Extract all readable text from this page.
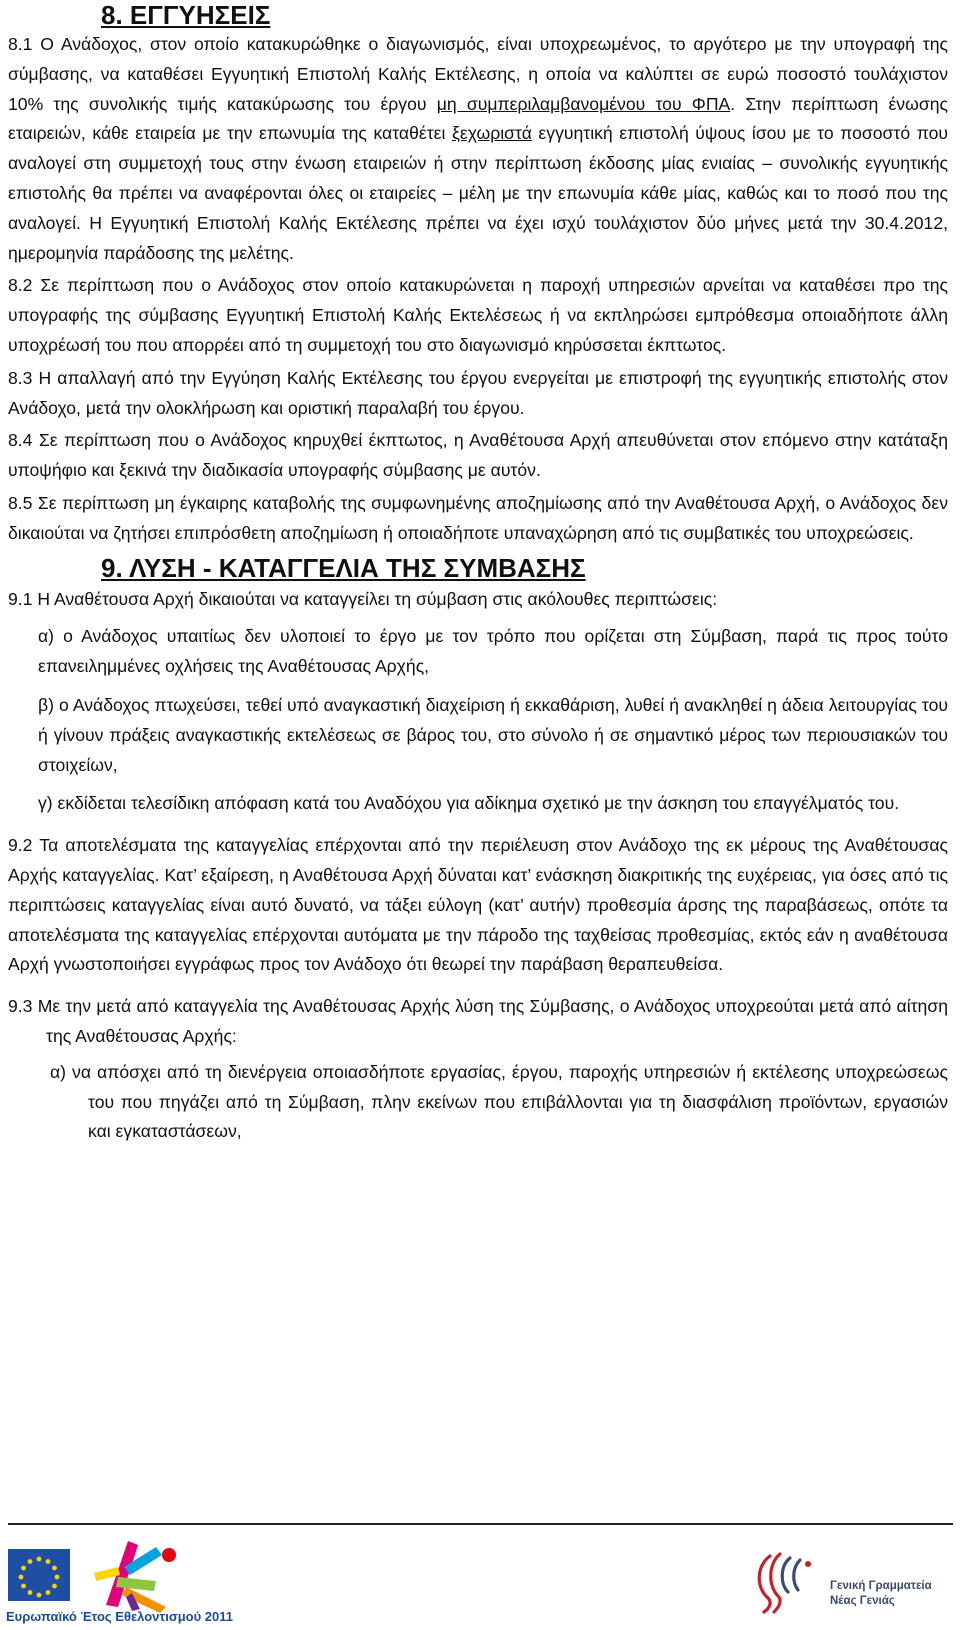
8. ΕΓΓΥΗΣΕΙΣ

8.1 Ο Ανάδοχος, στον οποίο κατακυρώθηκε ο διαγωνισμός, είναι υποχρεωμένος, το αργότερο με την υπογραφή της σύμβασης, να καταθέσει Εγγυητική Επιστολή Καλής Εκτέλεσης, η οποία να καλύπτει σε ευρώ ποσοστό τουλάχιστον 10% της συνολικής τιμής κατακύρωσης του έργου μη συμπεριλαμβανομένου του ΦΠΑ. Στην περίπτωση ένωσης εταιρειών, κάθε εταιρεία με την επωνυμία της καταθέτει ξεχωριστά εγγυητική επιστολή ύψους ίσου με το ποσοστό που αναλογεί στη συμμετοχή τους στην ένωση εταιρειών ή στην περίπτωση έκδοσης μίας ενιαίας – συνολικής εγγυητικής επιστολής θα πρέπει να αναφέρονται όλες οι εταιρείες – μέλη με την επωνυμία κάθε μίας, καθώς και το ποσό που της αναλογεί. Η Εγγυητική Επιστολή Καλής Εκτέλεσης πρέπει να έχει ισχύ τουλάχιστον δύο μήνες μετά την 30.4.2012, ημερομηνία παράδοσης της μελέτης.

8.2 Σε περίπτωση που ο Ανάδοχος στον οποίο κατακυρώνεται η παροχή υπηρεσιών αρνείται να καταθέσει προ της υπογραφής της σύμβασης Εγγυητική Επιστολή Καλής Εκτελέσεως ή να εκπληρώσει εμπρόθεσμα οποιαδήποτε άλλη υποχρέωσή του που απορρέει από τη συμμετοχή του στο διαγωνισμό κηρύσσεται έκπτωτος.

8.3 Η απαλλαγή από την Εγγύηση Καλής Εκτέλεσης του έργου ενεργείται με επιστροφή της εγγυητικής επιστολής στον Ανάδοχο, μετά την ολοκλήρωση και οριστική παραλαβή του έργου.

8.4 Σε περίπτωση που ο Ανάδοχος κηρυχθεί έκπτωτος, η Αναθέτουσα Αρχή απευθύνεται στον επόμενο στην κατάταξη υποψήφιο και ξεκινά την διαδικασία υπογραφής σύμβασης με αυτόν.

8.5 Σε περίπτωση μη έγκαιρης καταβολής της συμφωνημένης αποζημίωσης από την Αναθέτουσα Αρχή, ο Ανάδοχος δεν δικαιούται να ζητήσει επιπρόσθετη αποζημίωση ή οποιαδήποτε υπαναχώρηση από τις συμβατικές του υποχρεώσεις.

9. ΛΥΣΗ - ΚΑΤΑΓΓΕΛΙΑ ΤΗΣ ΣΥΜΒΑΣΗΣ

9.1 Η Αναθέτουσα Αρχή δικαιούται να καταγγείλει τη σύμβαση στις ακόλουθες περιπτώσεις:

α) ο Ανάδοχος υπαιτίως δεν υλοποιεί το έργο με τον τρόπο που ορίζεται στη Σύμβαση, παρά τις προς τούτο επανειλημμένες οχλήσεις της Αναθέτουσας Αρχής,

β) ο Ανάδοχος πτωχεύσει, τεθεί υπό αναγκαστική διαχείριση ή εκκαθάριση, λυθεί ή ανακληθεί η άδεια λειτουργίας του ή γίνουν πράξεις αναγκαστικής εκτελέσεως σε βάρος του, στο σύνολο ή σε σημαντικό μέρος των περιουσιακών του στοιχείων,

γ) εκδίδεται τελεσίδικη απόφαση κατά του Αναδόχου για αδίκημα σχετικό με την άσκηση του επαγγέλματός του.

9.2 Τα αποτελέσματα της καταγγελίας επέρχονται από την περιέλευση στον Ανάδοχο της εκ μέρους της Αναθέτουσας Αρχής καταγγελίας. Κατ’ εξαίρεση, η Αναθέτουσα Αρχή δύναται κατ’ ενάσκηση διακριτικής της ευχέρειας, για όσες από τις περιπτώσεις καταγγελίας είναι αυτό δυνατό, να τάξει εύλογη (κατ’ αυτήν) προθεσμία άρσης της παραβάσεως, οπότε τα αποτελέσματα της καταγγελίας επέρχονται αυτόματα με την πάροδο της ταχθείσας προθεσμίας, εκτός εάν η αναθέτουσα Αρχή γνωστοποιήσει εγγράφως προς τον Ανάδοχο ότι θεωρεί την παράβαση θεραπευθείσα.

9.3 Με την μετά από καταγγελία της Αναθέτουσας Αρχής λύση της Σύμβασης, ο Ανάδοχος υποχρεούται μετά από αίτηση της Αναθέτουσας Αρχής:

α) να απόσχει από τη διενέργεια οποιασδήποτε εργασίας, έργου, παροχής υπηρεσιών ή εκτέλεσης υποχρεώσεως του που πηγάζει από τη Σύμβαση, πλην εκείνων που επιβάλλονται για τη διασφάλιση προϊόντων, εργασιών και εγκαταστάσεων,

Ευρωπαϊκό Έτος Εθελοντισμού 2011
Γενική Γραμματεία
Νέας Γενιάς
